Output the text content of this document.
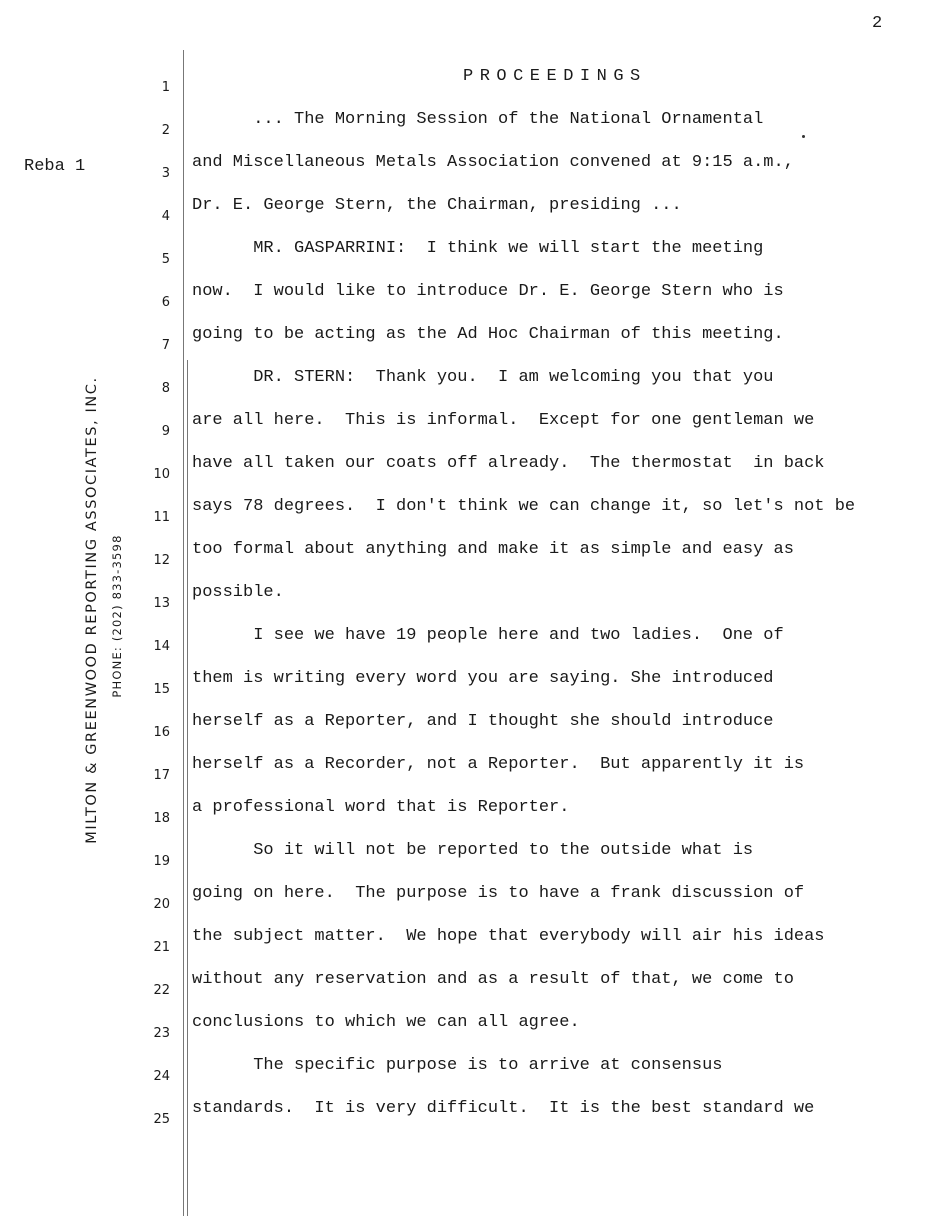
2
Reba 1
MILTON & GREENWOOD REPORTING ASSOCIATES, INC. PHONE: (202) 833-3598
PROCEEDINGS
1
2
... The Morning Session of the National Ornamental
3
and Miscellaneous Metals Association convened at 9:15 a.m.,
4
Dr. E. George Stern, the Chairman, presiding ...
5
MR. GASPARRINI:  I think we will start the meeting
6
now.  I would like to introduce Dr. E. George Stern who is
7
going to be acting as the Ad Hoc Chairman of this meeting.
8
DR. STERN:  Thank you.  I am welcoming you that you
9
are all here.  This is informal.  Except for one gentleman we
10
have all taken our coats off already.  The thermostat  in back
11
says 78 degrees.  I don't think we can change it, so let's not be
12
too formal about anything and make it as simple and easy as
13
possible.
14
I see we have 19 people here and two ladies.  One of
15
them is writing every word you are saying. She introduced
16
herself as a Reporter, and I thought she should introduce
17
herself as a Recorder, not a Reporter.  But apparently it is
18
a professional word that is Reporter.
19
So it will not be reported to the outside what is
20
going on here.  The purpose is to have a frank discussion of
21
the subject matter.  We hope that everybody will air his ideas
22
without any reservation and as a result of that, we come to
23
conclusions to which we can all agree.
24
The specific purpose is to arrive at consensus
25
standards.  It is very difficult.  It is the best standard we
